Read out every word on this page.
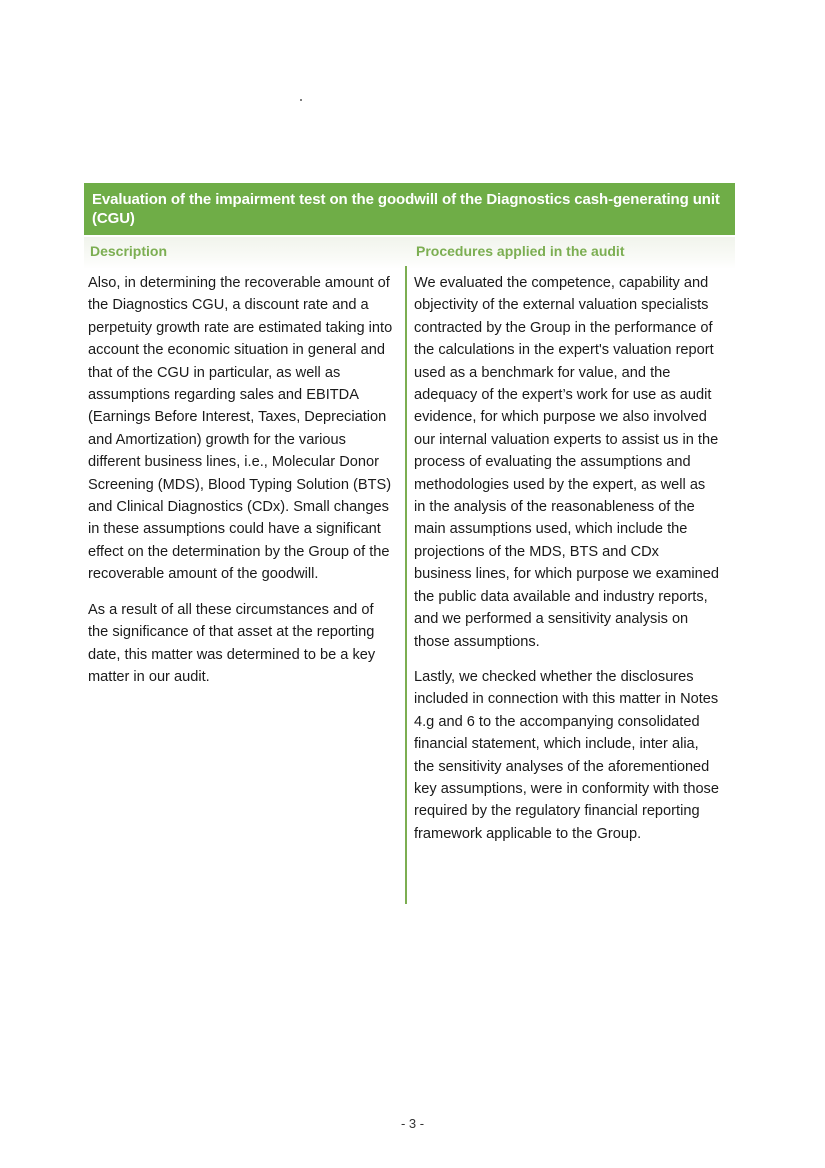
Evaluation of the impairment test on the goodwill of the Diagnostics cash-generating unit (CGU)
Description	Procedures applied in the audit

Also, in determining the recoverable amount of the Diagnostics CGU, a discount rate and a perpetuity growth rate are estimated taking into account the economic situation in general and that of the CGU in particular, as well as assumptions regarding sales and EBITDA (Earnings Before Interest, Taxes, Depreciation and Amortization) growth for the various different business lines, i.e., Molecular Donor Screening (MDS), Blood Typing Solution (BTS) and Clinical Diagnostics (CDx). Small changes in these assumptions could have a significant effect on the determination by the Group of the recoverable amount of the goodwill.

As a result of all these circumstances and of the significance of that asset at the reporting date, this matter was determined to be a key matter in our audit.

We evaluated the competence, capability and objectivity of the external valuation specialists contracted by the Group in the performance of the calculations in the expert's valuation report used as a benchmark for value, and the adequacy of the expert’s work for use as audit evidence, for which purpose we also involved our internal valuation experts to assist us in the process of evaluating the assumptions and methodologies used by the expert, as well as in the analysis of the reasonableness of the main assumptions used, which include the projections of the MDS, BTS and CDx business lines, for which purpose we examined the public data available and industry reports, and we performed a sensitivity analysis on those assumptions.

Lastly, we checked whether the disclosures included in connection with this matter in Notes 4.g and 6 to the accompanying consolidated financial statement, which include, inter alia, the sensitivity analyses of the aforementioned key assumptions, were in conformity with those required by the regulatory financial reporting framework applicable to the Group.

- 3 -
